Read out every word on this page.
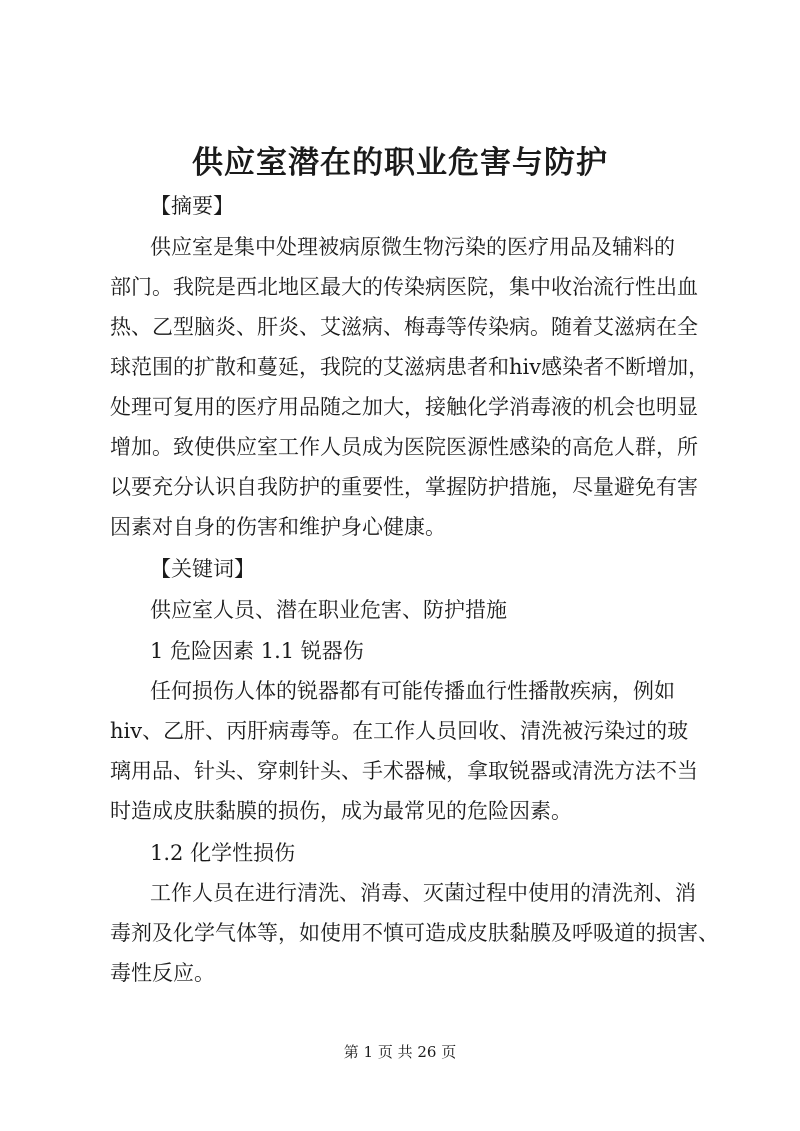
供应室潜在的职业危害与防护
【摘要】
供应室是集中处理被病原微生物污染的医疗用品及辅料的
部门。我院是西北地区最大的传染病医院，集中收治流行性出血
热、乙型脑炎、肝炎、艾滋病、梅毒等传染病。随着艾滋病在全
球范围的扩散和蔓延，我院的艾滋病患者和hiv感染者不断增加，
处理可复用的医疗用品随之加大，接触化学消毒液的机会也明显
增加。致使供应室工作人员成为医院医源性感染的高危人群，所
以要充分认识自我防护的重要性，掌握防护措施，尽量避免有害
因素对自身的伤害和维护身心健康。
【关键词】
供应室人员、潜在职业危害、防护措施
1 危险因素 1.1 锐器伤
任何损伤人体的锐器都有可能传播血行性播散疾病，例如
hiv、乙肝、丙肝病毒等。在工作人员回收、清洗被污染过的玻
璃用品、针头、穿刺针头、手术器械，拿取锐器或清洗方法不当
时造成皮肤黏膜的损伤，成为最常见的危险因素。
1.2 化学性损伤
工作人员在进行清洗、消毒、灭菌过程中使用的清洗剂、消
毒剂及化学气体等，如使用不慎可造成皮肤黏膜及呼吸道的损害、
毒性反应。
第 1 页 共 26 页
